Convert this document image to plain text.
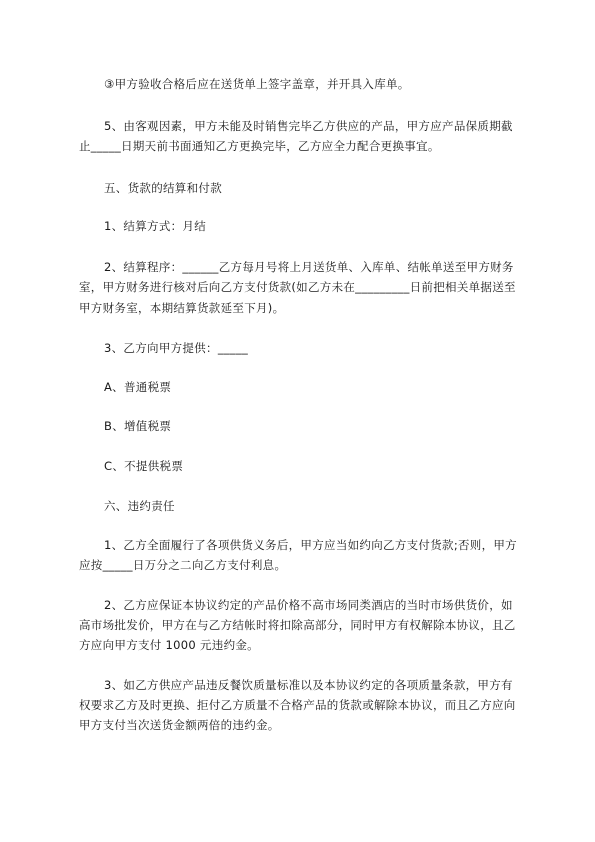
③甲方验收合格后应在送货单上签字盖章，并开具入库单。
5、由客观因素，甲方未能及时销售完毕乙方供应的产品，甲方应产品保质期截
止_____日期天前书面通知乙方更换完毕，乙方应全力配合更换事宜。
五、货款的结算和付款
1、结算方式：月结
2、结算程序：______乙方每月号将上月送货单、入库单、结帐单送至甲方财务
室，甲方财务进行核对后向乙方支付货款(如乙方未在_________日前把相关单据送至
甲方财务室，本期结算货款延至下月)。
3、乙方向甲方提供：_____
A、普通税票
B、增值税票
C、不提供税票
六、违约责任
1、乙方全面履行了各项供货义务后，甲方应当如约向乙方支付货款;否则，甲方
应按_____日万分之二向乙方支付利息。
2、乙方应保证本协议约定的产品价格不高市场同类酒店的当时市场供货价，如
高市场批发价，甲方在与乙方结帐时将扣除高部分，同时甲方有权解除本协议，且乙
方应向甲方支付 1000 元违约金。
3、如乙方供应产品违反餐饮质量标准以及本协议约定的各项质量条款，甲方有
权要求乙方及时更换、拒付乙方质量不合格产品的货款或解除本协议，而且乙方应向
甲方支付当次送货金额两倍的违约金。
